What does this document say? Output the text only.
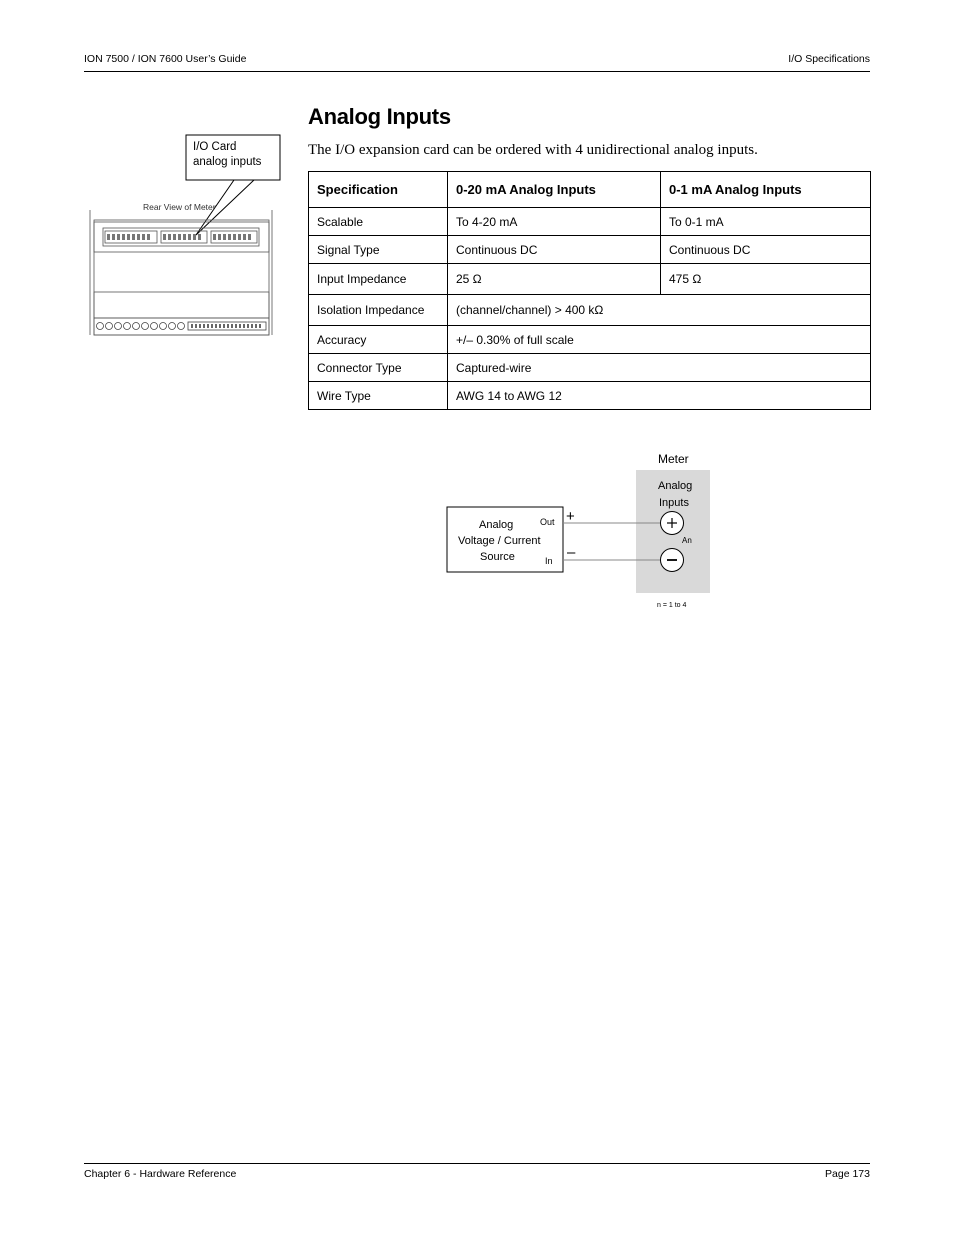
ION 7500 / ION 7600 User’s Guide	I/O Specifications
Analog Inputs
The I/O expansion card can be ordered with 4 unidirectional analog inputs.
I/O Card
analog inputs
Rear View of Meter
Specification	0-20 mA Analog Inputs	0-1 mA Analog Inputs
Scalable	To 4-20 mA	To 0-1 mA
Signal Type	Continuous DC	Continuous DC
Input Impedance	25 Ω	475 Ω
Isolation Impedance	(channel/channel) > 400 kΩ	
Accuracy	+/– 0.30% of full scale	
Connector Type	Captured-wire	
Wire Type	AWG 14 to AWG 12	
Meter
Analog
Inputs
Analog
Voltage / Current
Source
Out
In
+
–
An
n = 1 to 4
Chapter 6 - Hardware Reference	Page 173
